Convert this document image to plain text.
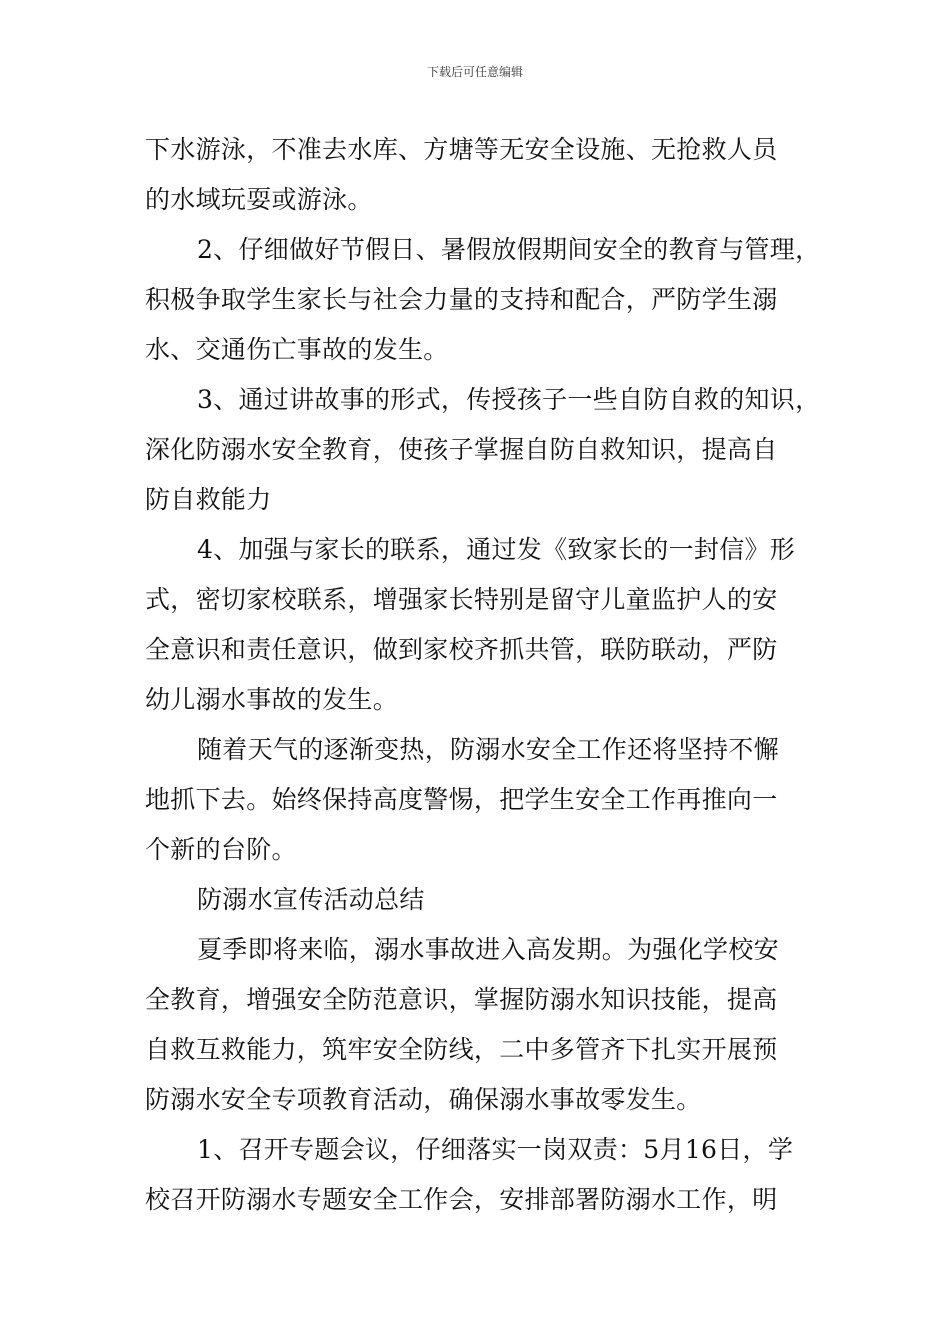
下载后可任意编辑
下水游泳，不准去水库、方塘等无安全设施、无抢救人员
的水域玩耍或游泳。
2、仔细做好节假日、暑假放假期间安全的教育与管理，
积极争取学生家长与社会力量的支持和配合，严防学生溺
水、交通伤亡事故的发生。
3、通过讲故事的形式，传授孩子一些自防自救的知识，
深化防溺水安全教育，使孩子掌握自防自救知识，提高自
防自救能力
4、加强与家长的联系，通过发《致家长的一封信》形
式，密切家校联系，增强家长特别是留守儿童监护人的安
全意识和责任意识，做到家校齐抓共管，联防联动，严防
幼儿溺水事故的发生。
随着天气的逐渐变热，防溺水安全工作还将坚持不懈
地抓下去。始终保持高度警惕，把学生安全工作再推向一
个新的台阶。
防溺水宣传活动总结
夏季即将来临，溺水事故进入高发期。为强化学校安
全教育，增强安全防范意识，掌握防溺水知识技能，提高
自救互救能力，筑牢安全防线，二中多管齐下扎实开展预
防溺水安全专项教育活动，确保溺水事故零发生。
1、召开专题会议，仔细落实一岗双责：5月16日，学
校召开防溺水专题安全工作会，安排部署防溺水工作，明
